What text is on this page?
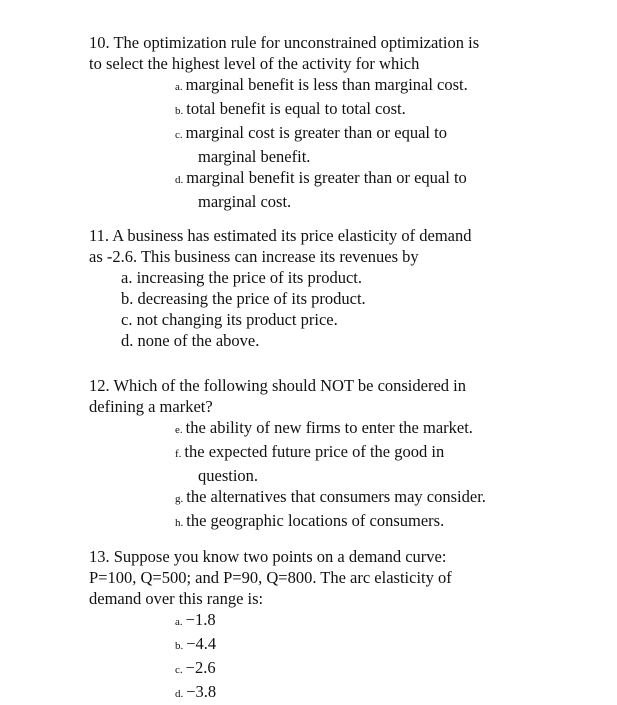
10. The optimization rule for unconstrained optimization is
to select the highest level of the activity for which
a. marginal benefit is less than marginal cost.
b. total benefit is equal to total cost.
c. marginal cost is greater than or equal to
marginal benefit.
d. marginal benefit is greater than or equal to
marginal cost.
11. A business has estimated its price elasticity of demand
as -2.6. This business can increase its revenues by
a. increasing the price of its product.
b. decreasing the price of its product.
c. not changing its product price.
d. none of the above.
12. Which of the following should NOT be considered in
defining a market?
e. the ability of new firms to enter the market.
f. the expected future price of the good in
question.
g. the alternatives that consumers may consider.
h. the geographic locations of consumers.
13. Suppose you know two points on a demand curve:
P=100, Q=500; and P=90, Q=800. The arc elasticity of
demand over this range is:
a. −1.8
b. −4.4
c. −2.6
d. −3.8
